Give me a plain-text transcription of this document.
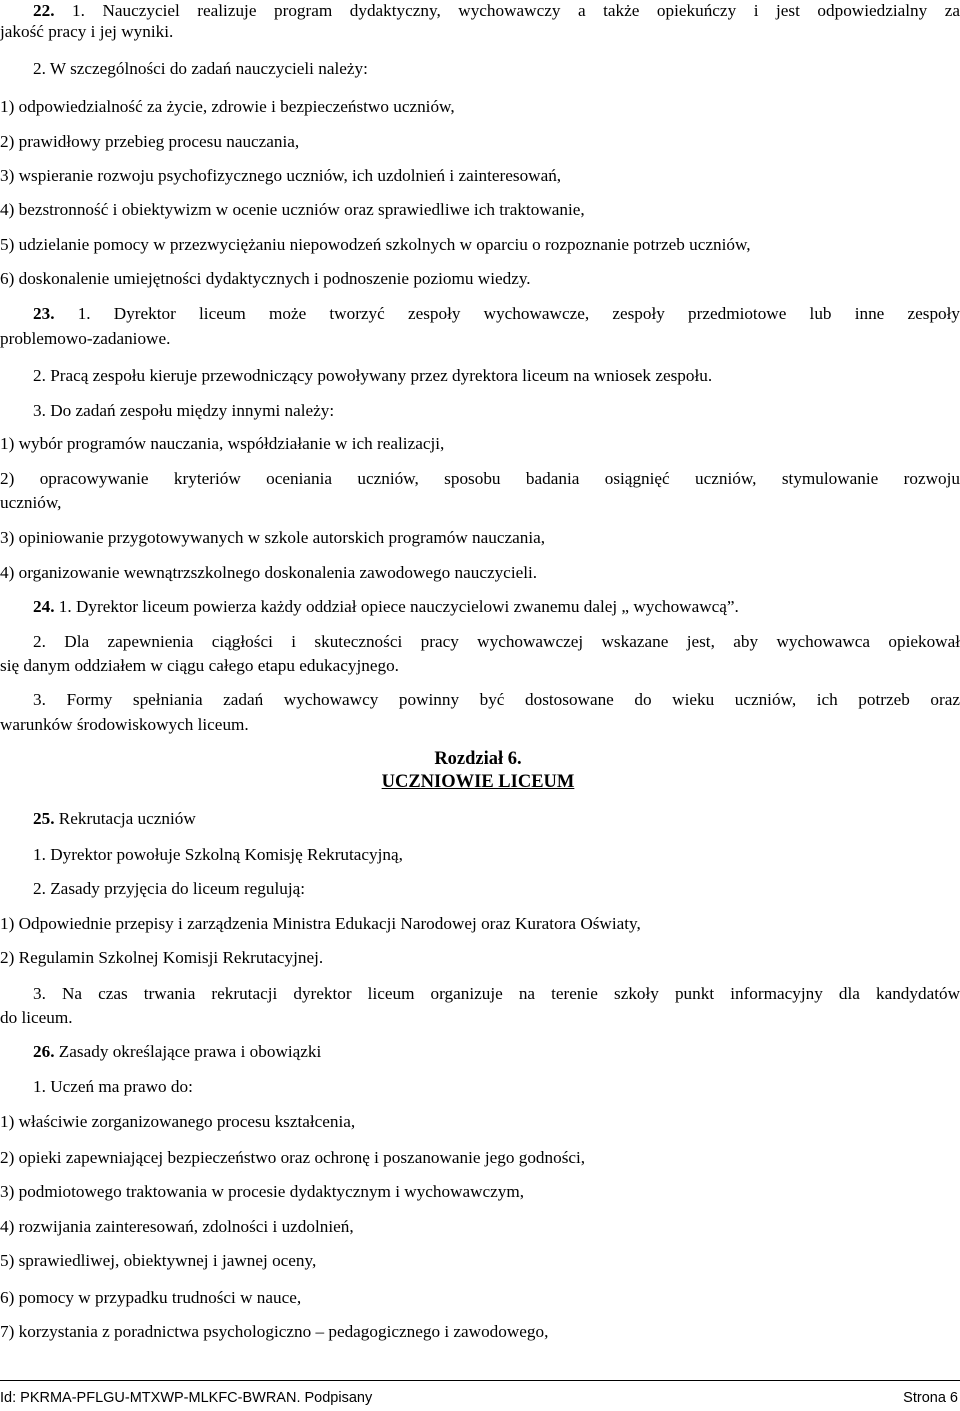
22. 1. Nauczyciel realizuje program dydaktyczny, wychowawczy a także opiekuńczy i jest odpowiedzialny za
jakość pracy i jej wyniki.
2. W szczególności do zadań nauczycieli należy:
1) odpowiedzialność za życie, zdrowie i bezpieczeństwo uczniów,
2) prawidłowy przebieg procesu nauczania,
3) wspieranie rozwoju psychofizycznego uczniów, ich uzdolnień i zainteresowań,
4) bezstronność i obiektywizm w ocenie uczniów oraz sprawiedliwe ich traktowanie,
5) udzielanie pomocy w przezwyciężaniu niepowodzeń szkolnych w oparciu o rozpoznanie potrzeb uczniów,
6) doskonalenie umiejętności dydaktycznych i podnoszenie poziomu wiedzy.
23. 1. Dyrektor liceum może tworzyć zespoły wychowawcze, zespoły przedmiotowe lub inne zespoły
problemowo-zadaniowe.
2. Pracą zespołu kieruje przewodniczący powoływany przez dyrektora liceum na wniosek zespołu.
3. Do zadań zespołu między innymi należy:
1) wybór programów nauczania, współdziałanie w ich realizacji,
2) opracowywanie kryteriów oceniania uczniów, sposobu badania osiągnięć uczniów, stymulowanie rozwoju
uczniów,
3) opiniowanie przygotowywanych w szkole autorskich programów nauczania,
4) organizowanie wewnątrzszkolnego doskonalenia zawodowego nauczycieli.
24. 1. Dyrektor liceum powierza każdy oddział opiece nauczycielowi zwanemu dalej „ wychowawcą”.
2. Dla zapewnienia ciągłości i skuteczności pracy wychowawczej wskazane jest, aby wychowawca opiekował
się danym oddziałem w ciągu całego etapu edukacyjnego.
3. Formy spełniania zadań wychowawcy powinny być dostosowane do wieku uczniów, ich potrzeb oraz
warunków środowiskowych liceum.
Rozdział 6.
UCZNIOWIE LICEUM
25. Rekrutacja uczniów
1. Dyrektor powołuje Szkolną Komisję Rekrutacyjną,
2. Zasady przyjęcia do liceum regulują:
1) Odpowiednie przepisy i zarządzenia Ministra Edukacji Narodowej oraz Kuratora Oświaty,
2) Regulamin Szkolnej Komisji Rekrutacyjnej.
3. Na czas trwania rekrutacji dyrektor liceum organizuje na terenie szkoły punkt informacyjny dla kandydatów
do liceum.
26. Zasady określające prawa i obowiązki
1. Uczeń ma prawo do:
1) właściwie zorganizowanego procesu kształcenia,
2) opieki zapewniającej bezpieczeństwo oraz ochronę i poszanowanie jego godności,
3) podmiotowego traktowania w procesie dydaktycznym i wychowawczym,
4) rozwijania zainteresowań, zdolności i uzdolnień,
5) sprawiedliwej, obiektywnej i jawnej oceny,
6) pomocy w przypadku trudności w nauce,
7) korzystania z poradnictwa psychologiczno – pedagogicznego i zawodowego,
Id: PKRMA-PFLGU-MTXWP-MLKFC-BWRAN. Podpisany	Strona 6
